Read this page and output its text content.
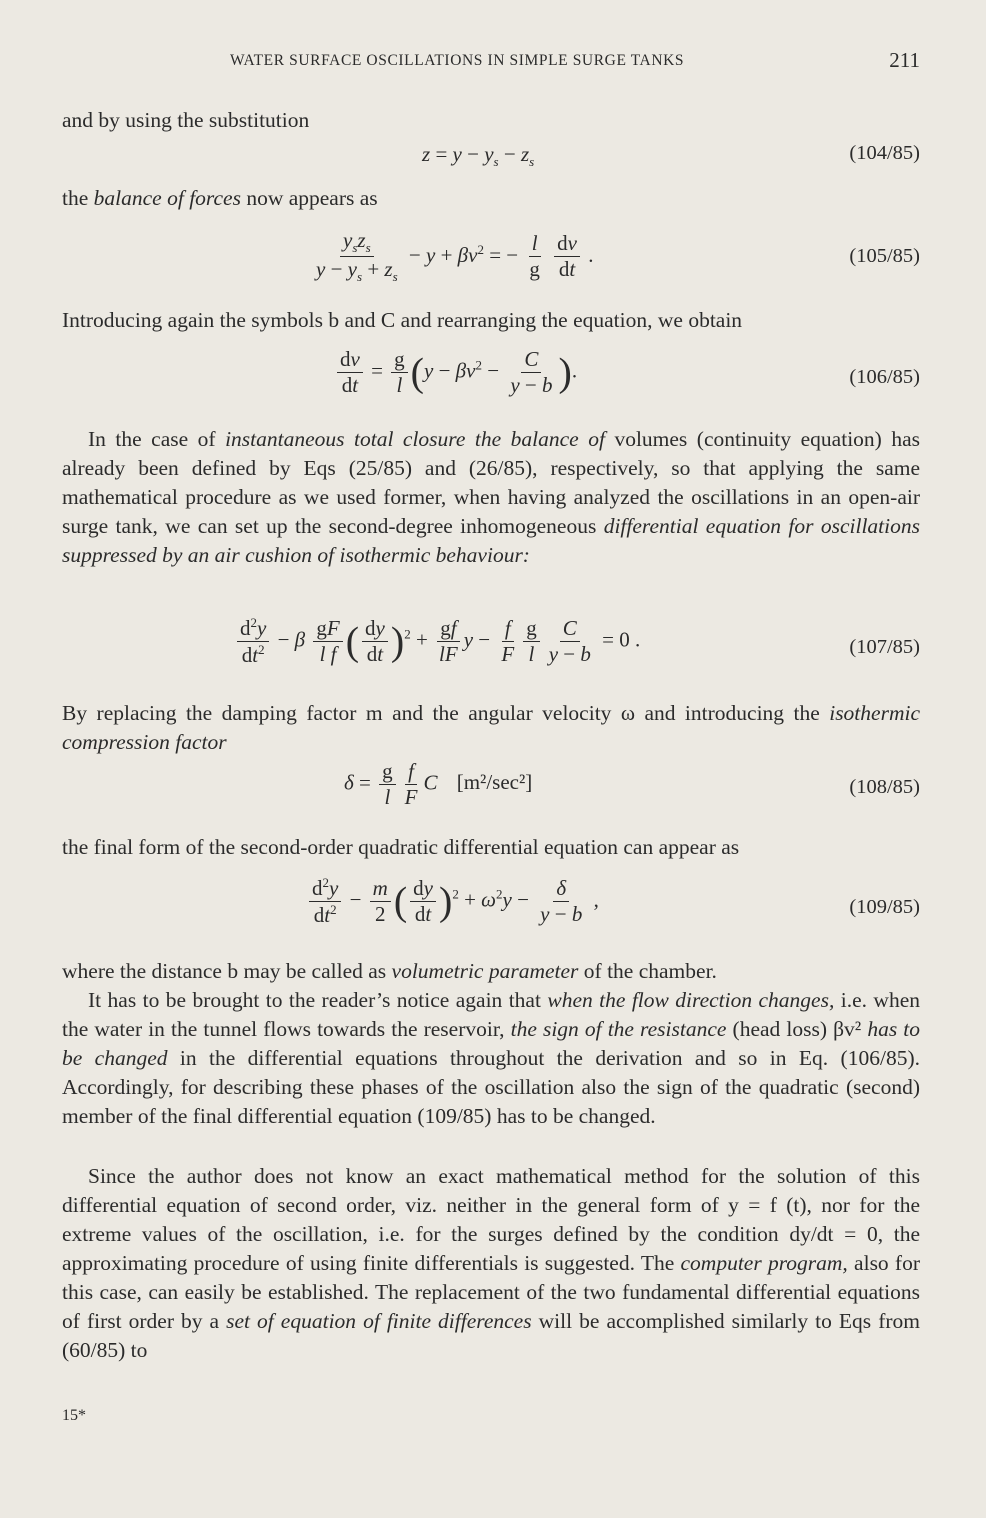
WATER SURFACE OSCILLATIONS IN SIMPLE SURGE TANKS	211

and by using the substitution

$z = y - y_s - z_s$	(104/85)

the balance of forces now appears as

$\frac{y_sz_s}{y - y_s + z_s} - y + \beta v^2$ = − $\frac{l}{g}$
$\frac{dv}{dt}$ .	(105/85)

Introducing again the symbols b and C and rearranging the equation, we obtain

$\frac{dv}{dt} = \frac{g}{l} (y - \beta v^2 - \frac{C}{y - b}$ ).	(106/85)

In the case of instantaneous total closure the balance of volumes (continuity equation) has already been defined by Eqs (25/85) and (26/85), respectively, so that applying the same mathematical procedure as we used former, when having analyzed the oscillations in an open-air surge tank, we can set up the second-degree inhomogeneous differential equation for oscillations suppressed by an air cushion of isothermic behaviour:

$\frac{d^2y}{dt^2} - \beta \frac{gF}{\text{l f}}$ ( $\frac{dy}{dt} )^2 + \frac{gf}{lF}$ $y - \frac{f}{F} \frac{g}{l} \frac{C}{y - b} = 0$ .	(107/85)

By replacing the damping factor m and the angular velocity ω and introducing the isothermic compression factor

$\delta = \frac{g}{l} \frac{f}{F}$ C [m²/sec²]	(108/85)

the final form of the second-order quadratic differential equation can appear as

$\frac{d^2y}{dt^2} - \frac{m}{2}$ ( $\frac{dy}{dt} )^2 + \omega^2y - \frac{\delta}{y - b}$ ,	(109/85)

where the distance b may be called as volumetric parameter of the chamber.

It has to be brought to the reader’s notice again that when the flow direction changes, i.e. when the water in the tunnel flows towards the reservoir, the sign of the resistance (head loss) βv² has to be changed in the differential equations throughout the derivation and so in Eq. (106/85). Accordingly, for describing these phases of the oscillation also the sign of the quadratic (second) member of the final differential equation (109/85) has to be changed.

Since the author does not know an exact mathematical method for the solution of this differential equation of second order, viz. neither in the general form of y = f (t), nor for the extreme values of the oscillation, i.e. for the surges defined by the condition dy/dt = 0, the approximating procedure of using finite differentials is suggested. The computer program, also for this case, can easily be established. The replacement of the two fundamental differential equations of first order by a set of equation of finite differences will be accomplished similarly to Eqs from (60/85) to

15*
